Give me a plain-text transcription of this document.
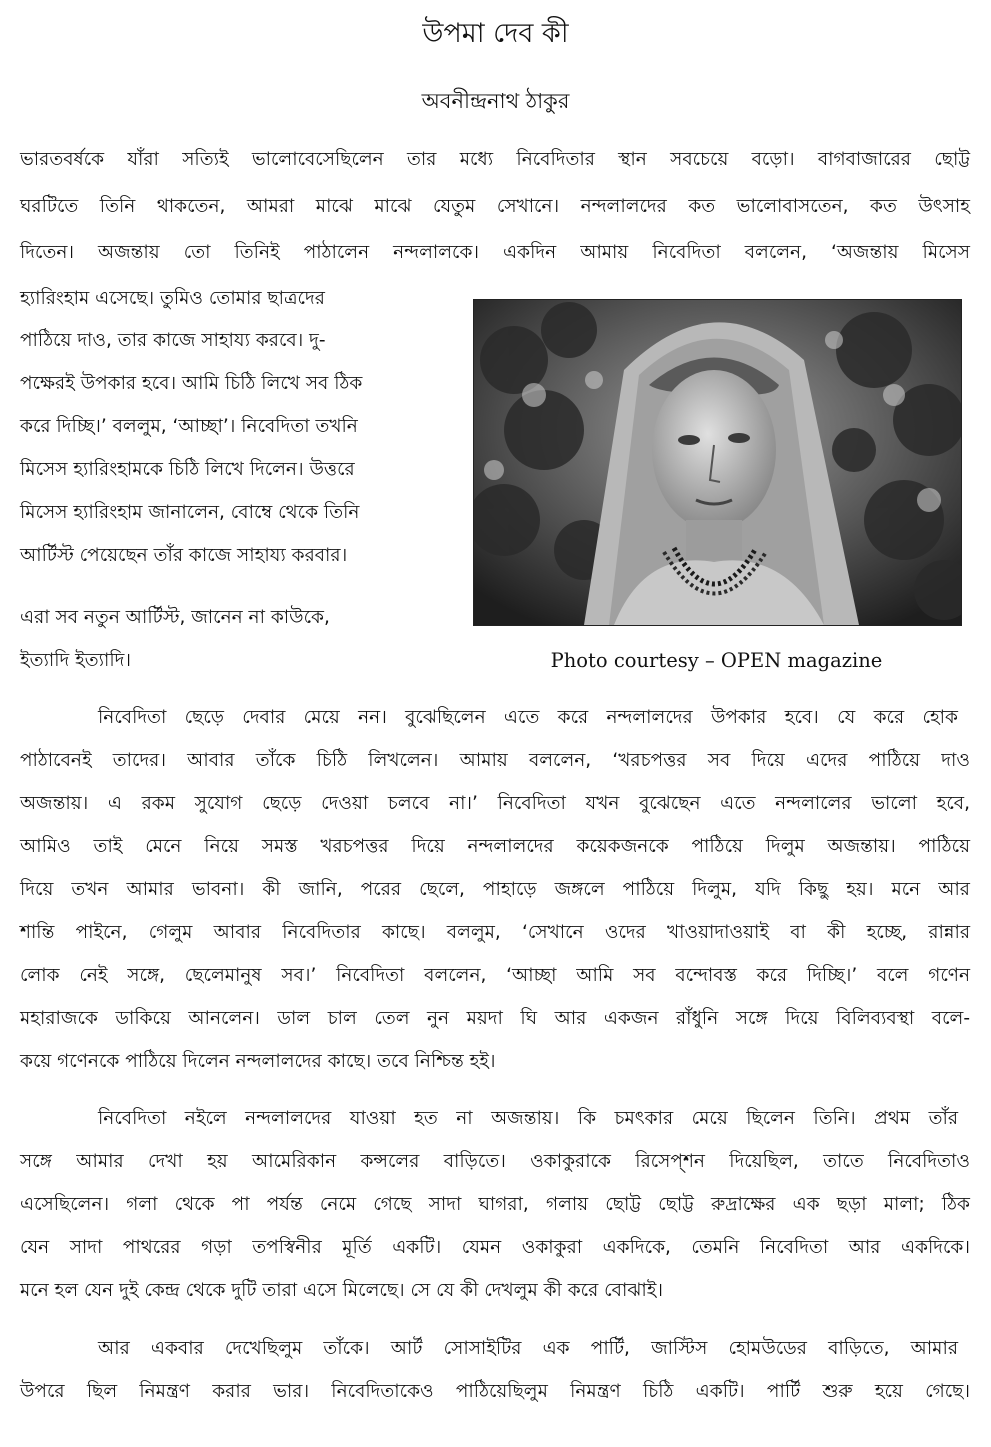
উপমা দেব কী

অবনীন্দ্রনাথ ঠাকুর

ভারতবর্ষকে যাঁরা সত্যিই ভালোবেসেছিলেন তার মধ্যে নিবেদিতার স্থান সবচেয়ে বড়ো। বাগবাজারের ছোট্ট

ঘরটিতে তিনি থাকতেন, আমরা মাঝে মাঝে যেতুম সেখানে। নন্দলালদের কত ভালোবাসতেন, কত উৎসাহ

দিতেন। অজন্তায় তো তিনিই পাঠালেন নন্দলালকে। একদিন আমায় নিবেদিতা বললেন, ‘অজন্তায় মিসেস

হ্যারিংহাম এসেছে। তুমিও তোমার ছাত্রদের

পাঠিয়ে দাও, তার কাজে সাহায্য করবে। দু-

পক্ষেরই উপকার হবে। আমি চিঠি লিখে সব ঠিক

করে দিচ্ছি।’ বললুম, ‘আচ্ছা’। নিবেদিতা তখনি

মিসেস হ্যারিংহামকে চিঠি লিখে দিলেন। উত্তরে

মিসেস হ্যারিংহাম জানালেন, বোম্বে থেকে তিনি

আর্টিস্ট পেয়েছেন তাঁর কাজে সাহায্য করবার।

এরা সব নতুন আর্টিস্ট, জানেন না কাউকে,

ইত্যাদি ইত্যাদি।	Photo courtesy – OPEN magazine

নিবেদিতা ছেড়ে দেবার মেয়ে নন। বুঝেছিলেন এতে করে নন্দলালদের উপকার হবে। যে করে হোক

পাঠাবেনই তাদের। আবার তাঁকে চিঠি লিখলেন। আমায় বললেন, ‘খরচপত্তর সব দিয়ে এদের পাঠিয়ে দাও

অজন্তায়। এ রকম সুযোগ ছেড়ে দেওয়া চলবে না।’ নিবেদিতা যখন বুঝেছেন এতে নন্দলালের ভালো হবে,

আমিও তাই মেনে নিয়ে সমস্ত খরচপত্তর দিয়ে নন্দলালদের কয়েকজনকে পাঠিয়ে দিলুম অজন্তায়। পাঠিয়ে

দিয়ে তখন আমার ভাবনা। কী জানি, পরের ছেলে, পাহাড়ে জঙ্গলে পাঠিয়ে দিলুম, যদি কিছু হয়। মনে আর

শান্তি পাইনে, গেলুম আবার নিবেদিতার কাছে। বললুম, ‘সেখানে ওদের খাওয়াদাওয়াই বা কী হচ্ছে, রান্নার

লোক নেই সঙ্গে, ছেলেমানুষ সব।’ নিবেদিতা বললেন, ‘আচ্ছা আমি সব বন্দোবস্ত করে দিচ্ছি।’ বলে গণেন

মহারাজকে ডাকিয়ে আনলেন। ডাল চাল তেল নুন ময়দা ঘি আর একজন রাঁধুনি সঙ্গে দিয়ে বিলিব্যবস্থা বলে-

কয়ে গণেনকে পাঠিয়ে দিলেন নন্দলালদের কাছে। তবে নিশ্চিন্ত হই।

নিবেদিতা নইলে নন্দলালদের যাওয়া হত না অজন্তায়। কি চমৎকার মেয়ে ছিলেন তিনি। প্রথম তাঁর

সঙ্গে আমার দেখা হয় আমেরিকান কন্সলের বাড়িতে। ওকাকুরাকে রিসেপ্শন দিয়েছিল, তাতে নিবেদিতাও

এসেছিলেন। গলা থেকে পা পর্যন্ত নেমে গেছে সাদা ঘাগরা, গলায় ছোট্ট ছোট্ট রুদ্রাক্ষের এক ছড়া মালা; ঠিক

যেন সাদা পাথরের গড়া তপস্বিনীর মূর্তি একটি। যেমন ওকাকুরা একদিকে, তেমনি নিবেদিতা আর একদিকে।

মনে হল যেন দুই কেন্দ্র থেকে দুটি তারা এসে মিলেছে। সে যে কী দেখলুম কী করে বোঝাই।

আর একবার দেখেছিলুম তাঁকে। আর্ট সোসাইটির এক পার্টি, জাস্টিস হোমউডের বাড়িতে, আমার

উপরে ছিল নিমন্ত্রণ করার ভার। নিবেদিতাকেও পাঠিয়েছিলুম নিমন্ত্রণ চিঠি একটি। পার্টি শুরু হয়ে গেছে।
